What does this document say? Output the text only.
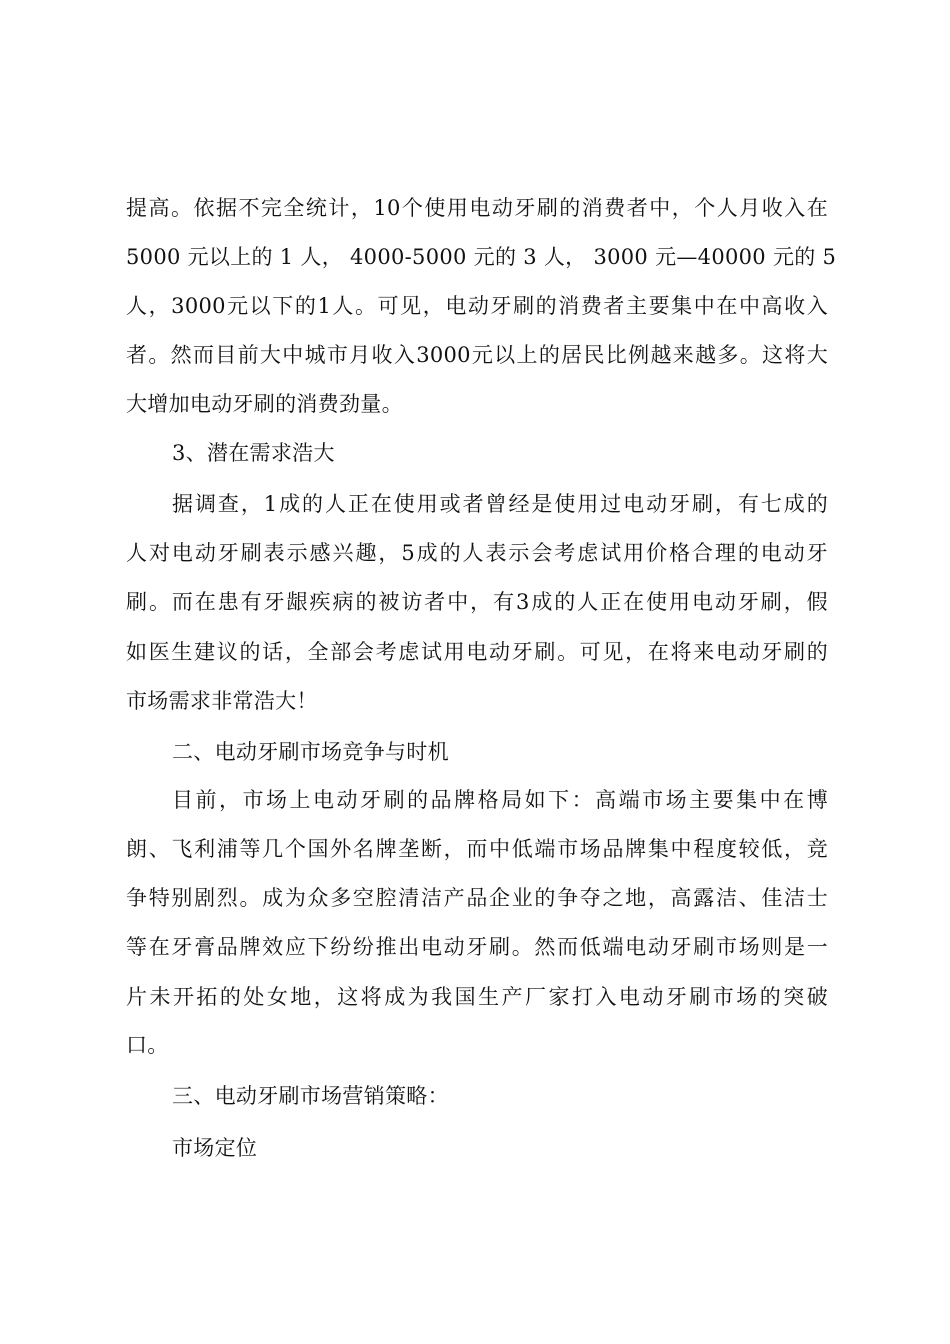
提高。依据不完全统计，10个使用电动牙刷的消费者中，个人月收入在
5000 元以上的 1 人， 4000-5000 元的 3 人， 3000 元—40000 元的 5
人，3000元以下的1人。可见，电动牙刷的消费者主要集中在中高收入
者。然而目前大中城市月收入3000元以上的居民比例越来越多。这将大
大增加电动牙刷的消费劲量。
3、潜在需求浩大
据调查，1成的人正在使用或者曾经是使用过电动牙刷，有七成的
人对电动牙刷表示感兴趣，5成的人表示会考虑试用价格合理的电动牙
刷。而在患有牙龈疾病的被访者中，有3成的人正在使用电动牙刷，假
如医生建议的话，全部会考虑试用电动牙刷。可见，在将来电动牙刷的
市场需求非常浩大！
二、电动牙刷市场竞争与时机
目前，市场上电动牙刷的品牌格局如下：高端市场主要集中在博
朗、飞利浦等几个国外名牌垄断，而中低端市场品牌集中程度较低，竞
争特别剧烈。成为众多空腔清洁产品企业的争夺之地，高露洁、佳洁士
等在牙膏品牌效应下纷纷推出电动牙刷。然而低端电动牙刷市场则是一
片未开拓的处女地，这将成为我国生产厂家打入电动牙刷市场的突破
口。
三、电动牙刷市场营销策略：
市场定位
